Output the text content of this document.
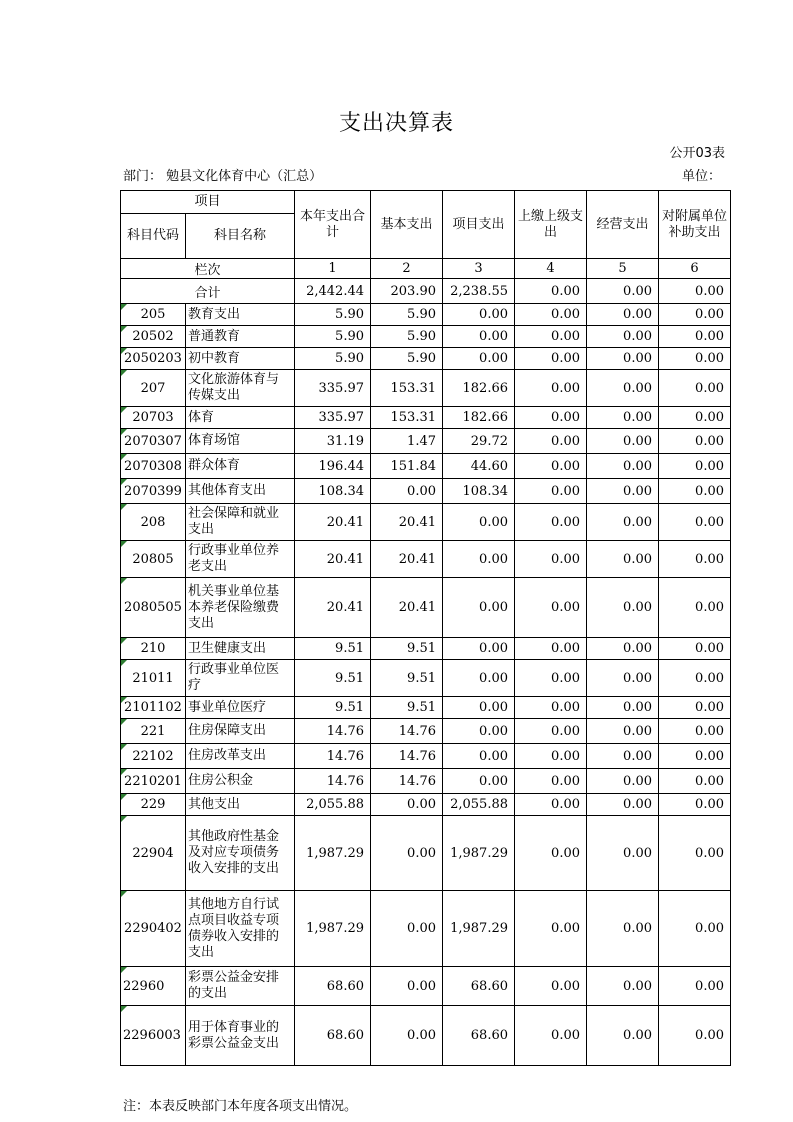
支出决算表
公开03表
部门： 勉县文化体育中心（汇总）	单位：
项目		本年支出合计	基本支出	项目支出	上缴上级支出	经营支出	对附属单位补助支出
科目代码	科目名称						
栏次		1	2	3	4	5	6
合计		2,442.44	203.90	2,238.55	0.00	0.00	0.00
205	教育支出	5.90	5.90	0.00	0.00	0.00	0.00
20502	普通教育	5.90	5.90	0.00	0.00	0.00	0.00
2050203	初中教育	5.90	5.90	0.00	0.00	0.00	0.00
207	文化旅游体育与传媒支出	335.97	153.31	182.66	0.00	0.00	0.00
20703	体育	335.97	153.31	182.66	0.00	0.00	0.00
2070307	体育场馆	31.19	1.47	29.72	0.00	0.00	0.00
2070308	群众体育	196.44	151.84	44.60	0.00	0.00	0.00
2070399	其他体育支出	108.34	0.00	108.34	0.00	0.00	0.00
208	社会保障和就业支出	20.41	20.41	0.00	0.00	0.00	0.00
20805	行政事业单位养老支出	20.41	20.41	0.00	0.00	0.00	0.00
2080505	机关事业单位基本养老保险缴费支出	20.41	20.41	0.00	0.00	0.00	0.00
210	卫生健康支出	9.51	9.51	0.00	0.00	0.00	0.00
21011	行政事业单位医疗	9.51	9.51	0.00	0.00	0.00	0.00
2101102	事业单位医疗	9.51	9.51	0.00	0.00	0.00	0.00
221	住房保障支出	14.76	14.76	0.00	0.00	0.00	0.00
22102	住房改革支出	14.76	14.76	0.00	0.00	0.00	0.00
2210201	住房公积金	14.76	14.76	0.00	0.00	0.00	0.00
229	其他支出	2,055.88	0.00	2,055.88	0.00	0.00	0.00
22904	其他政府性基金及对应专项债务收入安排的支出	1,987.29	0.00	1,987.29	0.00	0.00	0.00
2290402	其他地方自行试点项目收益专项债券收入安排的支出	1,987.29	0.00	1,987.29	0.00	0.00	0.00
22960	彩票公益金安排的支出	68.60	0.00	68.60	0.00	0.00	0.00
2296003	用于体育事业的彩票公益金支出	68.60	0.00	68.60	0.00	0.00	0.00
注：本表反映部门本年度各项支出情况。
